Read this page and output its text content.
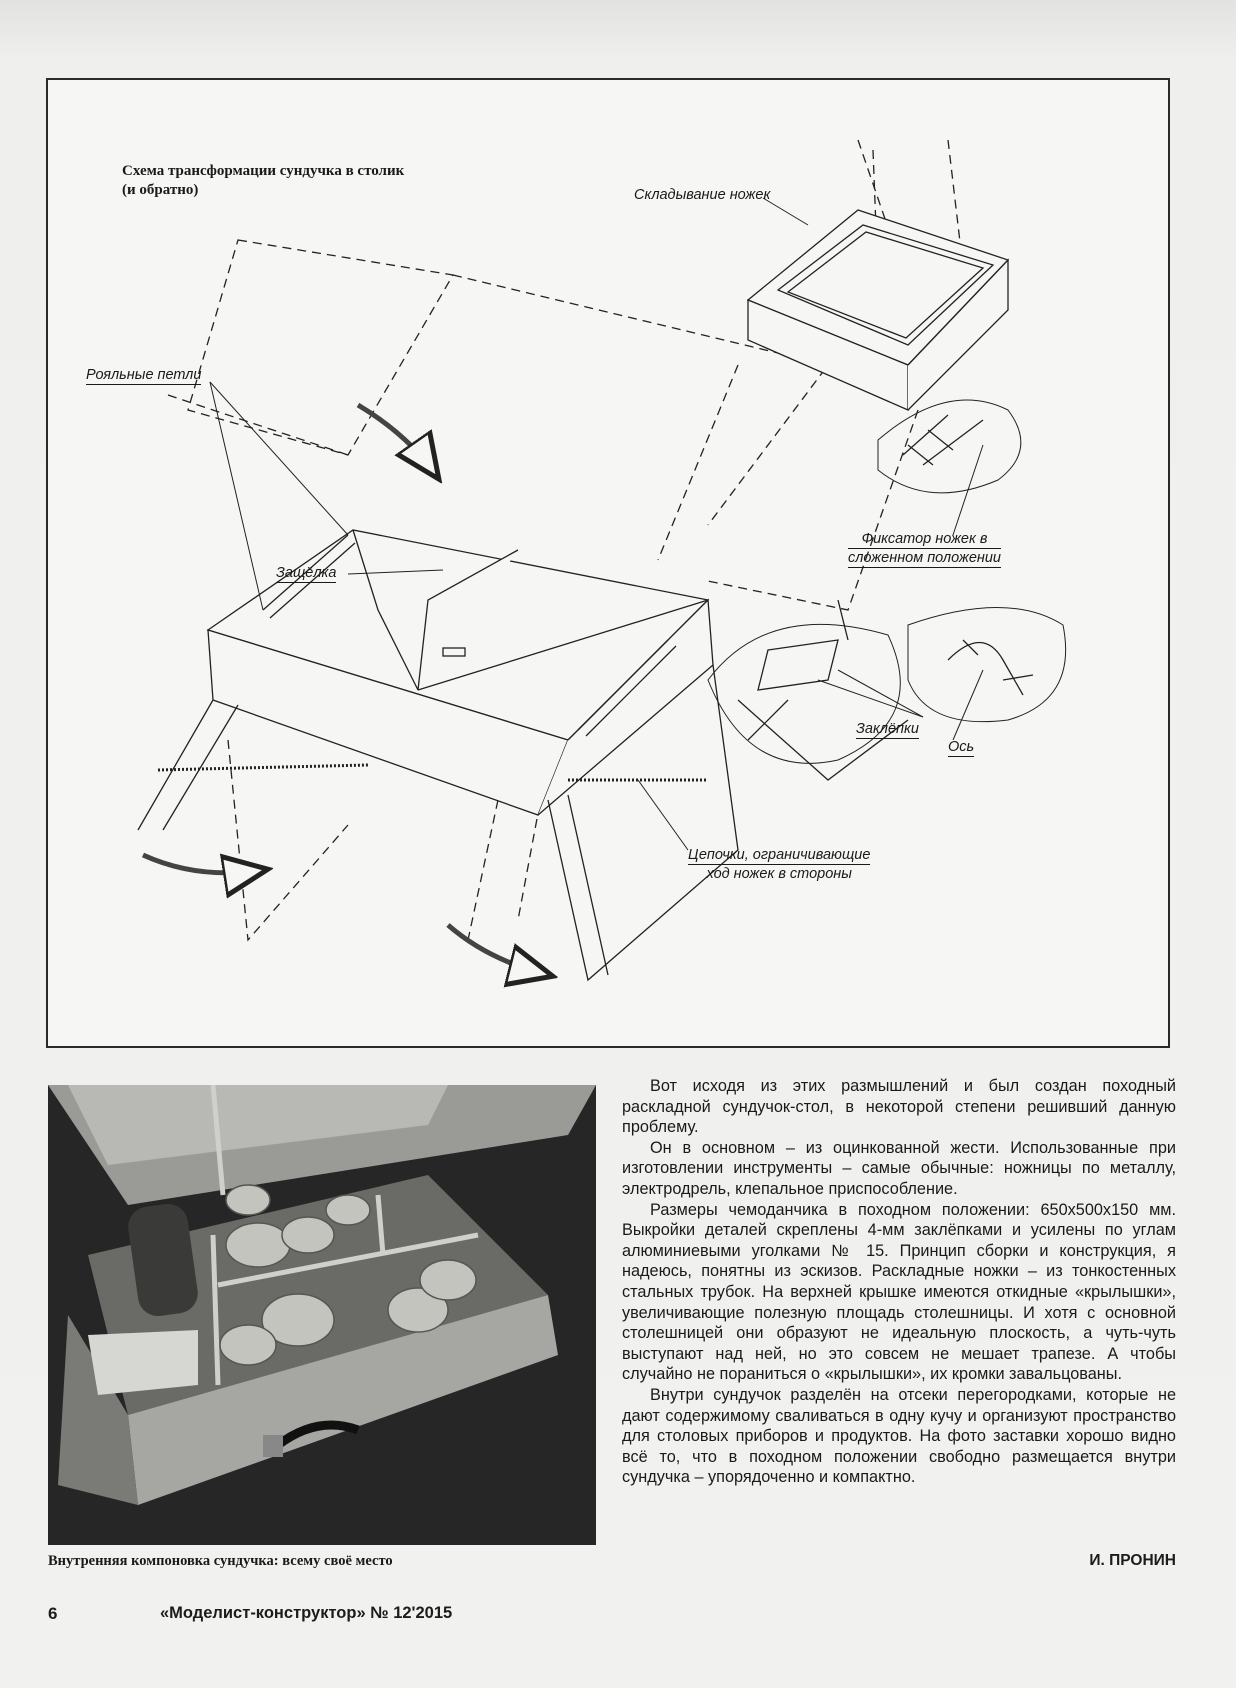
Схема трансформации сундучка в столик
(и обратно)
Рояльные петли
Складывание ножек
Защёлка
Фиксатор ножек в
сложенном положении
Заклёпки
Ось
Цепочки, ограничивающие
ход ножек в стороны
Внутренняя компоновка сундучка: всему своё место

Вот исходя из этих размышлений и был создан походный раскладной сундучок-стол, в некоторой степени решивший данную проблему.

Он в основном – из оцинкованной жести. Использованные при изготовлении инструменты – самые обычные: ножницы по металлу, электродрель, клепальное приспособление.

Размеры чемоданчика в походном положении: 650х500х150 мм. Выкройки деталей скреплены 4-мм заклёпками и усилены по углам алюминиевыми уголками № 15. Принцип сборки и конструкция, я надеюсь, понятны из эскизов. Раскладные ножки – из тонкостенных стальных трубок. На верхней крышке имеются откидные «крылышки», увеличивающие полезную площадь столешницы. И хотя с основной столешницей они образуют не идеальную плоскость, а чуть-чуть выступают над ней, но это совсем не мешает трапезе. А чтобы случайно не пораниться о «крылышки», их кромки завальцованы.

Внутри сундучок разделён на отсеки перегородками, которые не дают содержимому сваливаться в одну кучу и организуют пространство для столовых приборов и продуктов. На фото заставки хорошо видно всё то, что в походном положении свободно размещается внутри сундучка – упорядоченно и компактно.

И. ПРОНИН
6	«Моделист-конструктор» № 12'2015
